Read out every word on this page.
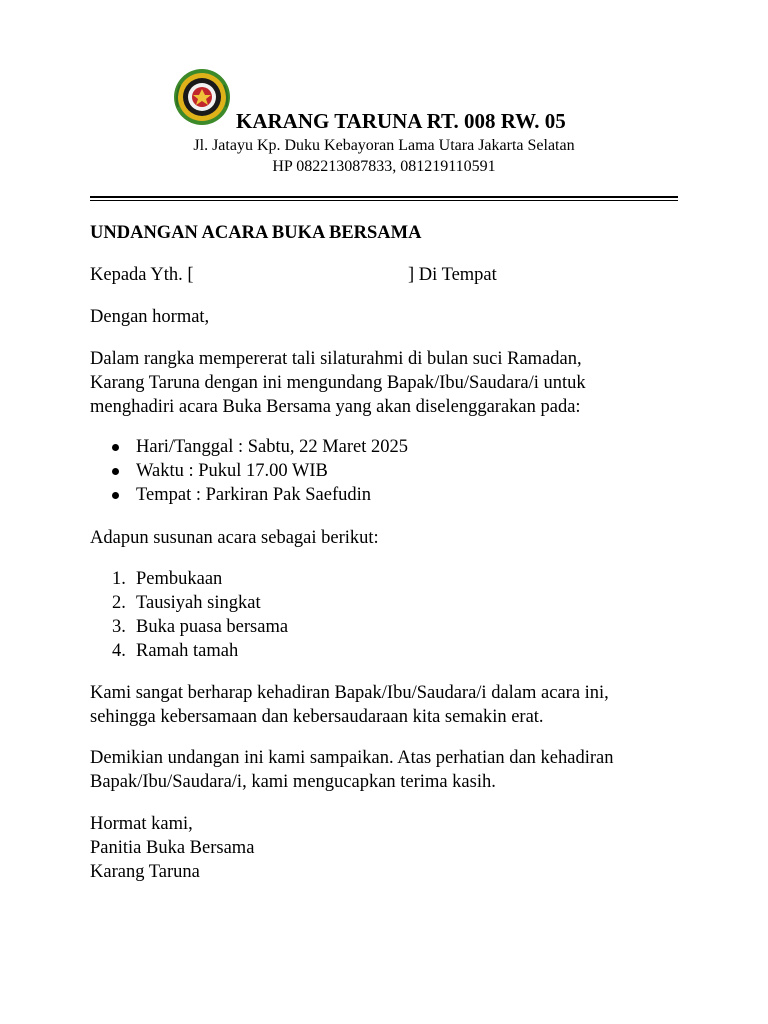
KARANG TARUNA RT. 008 RW. 05
Jl. Jatayu Kp. Duku Kebayoran Lama Utara Jakarta Selatan
HP 082213087833, 081219110591
UNDANGAN ACARA BUKA BERSAMA
Kepada Yth. [	] Di Tempat
Dengan hormat,
Dalam rangka mempererat tali silaturahmi di bulan suci Ramadan,
Karang Taruna dengan ini mengundang Bapak/Ibu/Saudara/i untuk
menghadiri acara Buka Bersama yang akan diselenggarakan pada:
Hari/Tanggal : Sabtu, 22 Maret 2025
Waktu : Pukul 17.00 WIB
Tempat : Parkiran Pak Saefudin
Adapun susunan acara sebagai berikut:
1. Pembukaan
2. Tausiyah singkat
3. Buka puasa bersama
4. Ramah tamah
Kami sangat berharap kehadiran Bapak/Ibu/Saudara/i dalam acara ini,
sehingga kebersamaan dan kebersaudaraan kita semakin erat.
Demikian undangan ini kami sampaikan. Atas perhatian dan kehadiran
Bapak/Ibu/Saudara/i, kami mengucapkan terima kasih.
Hormat kami,
Panitia Buka Bersama
Karang Taruna
